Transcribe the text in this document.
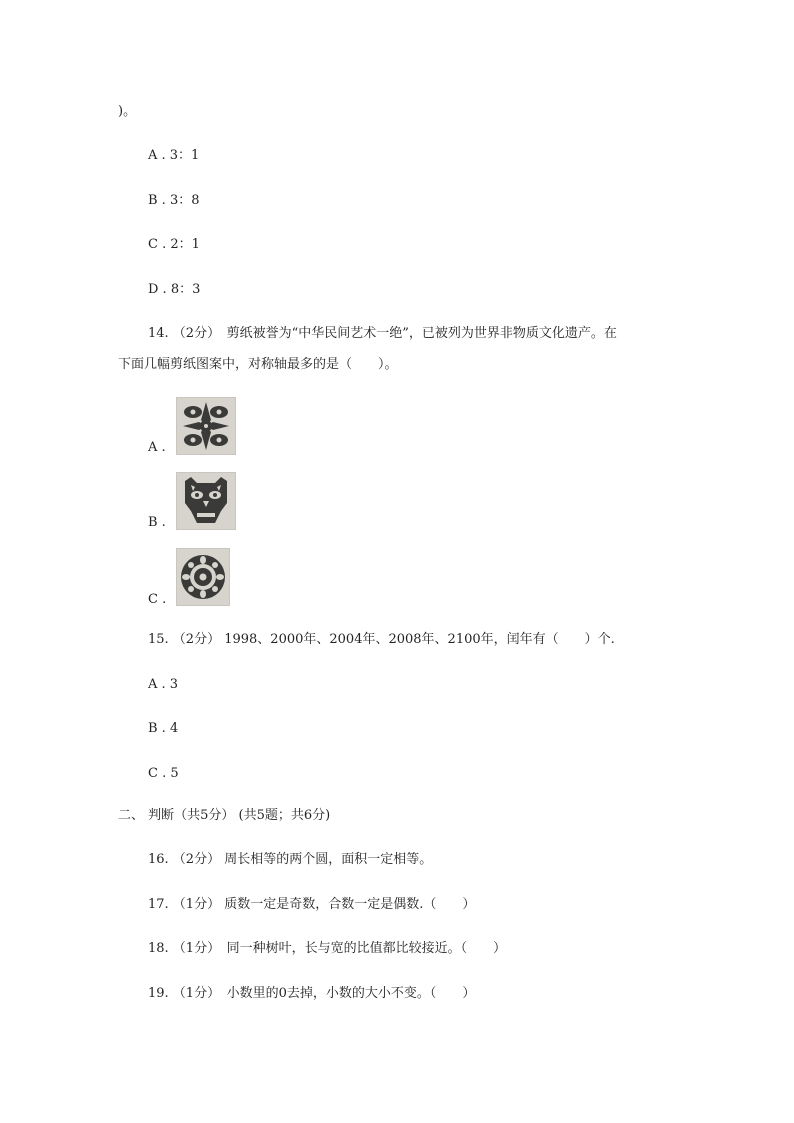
)。
A . 3：1
B . 3：8
C . 2：1
D . 8：3
14. （2分）　剪纸被誉为“中华民间艺术一绝”，已被列为世界非物质文化遗产。在
下面几幅剪纸图案中，对称轴最多的是（　　）。
A .
B .
C .
15. （2分） 1998、2000年、2004年、2008年、2100年，闰年有（　　）个.
A . 3
B . 4
C . 5
二、 判断（共5分） (共5题；共6分)
16. （2分） 周长相等的两个圆，面积一定相等。
17. （1分） 质数一定是奇数，合数一定是偶数.（　　）
18. （1分）　同一种树叶，长与宽的比值都比较接近。（　　）
19. （1分）　小数里的0去掉，小数的大小不变。（　　）
